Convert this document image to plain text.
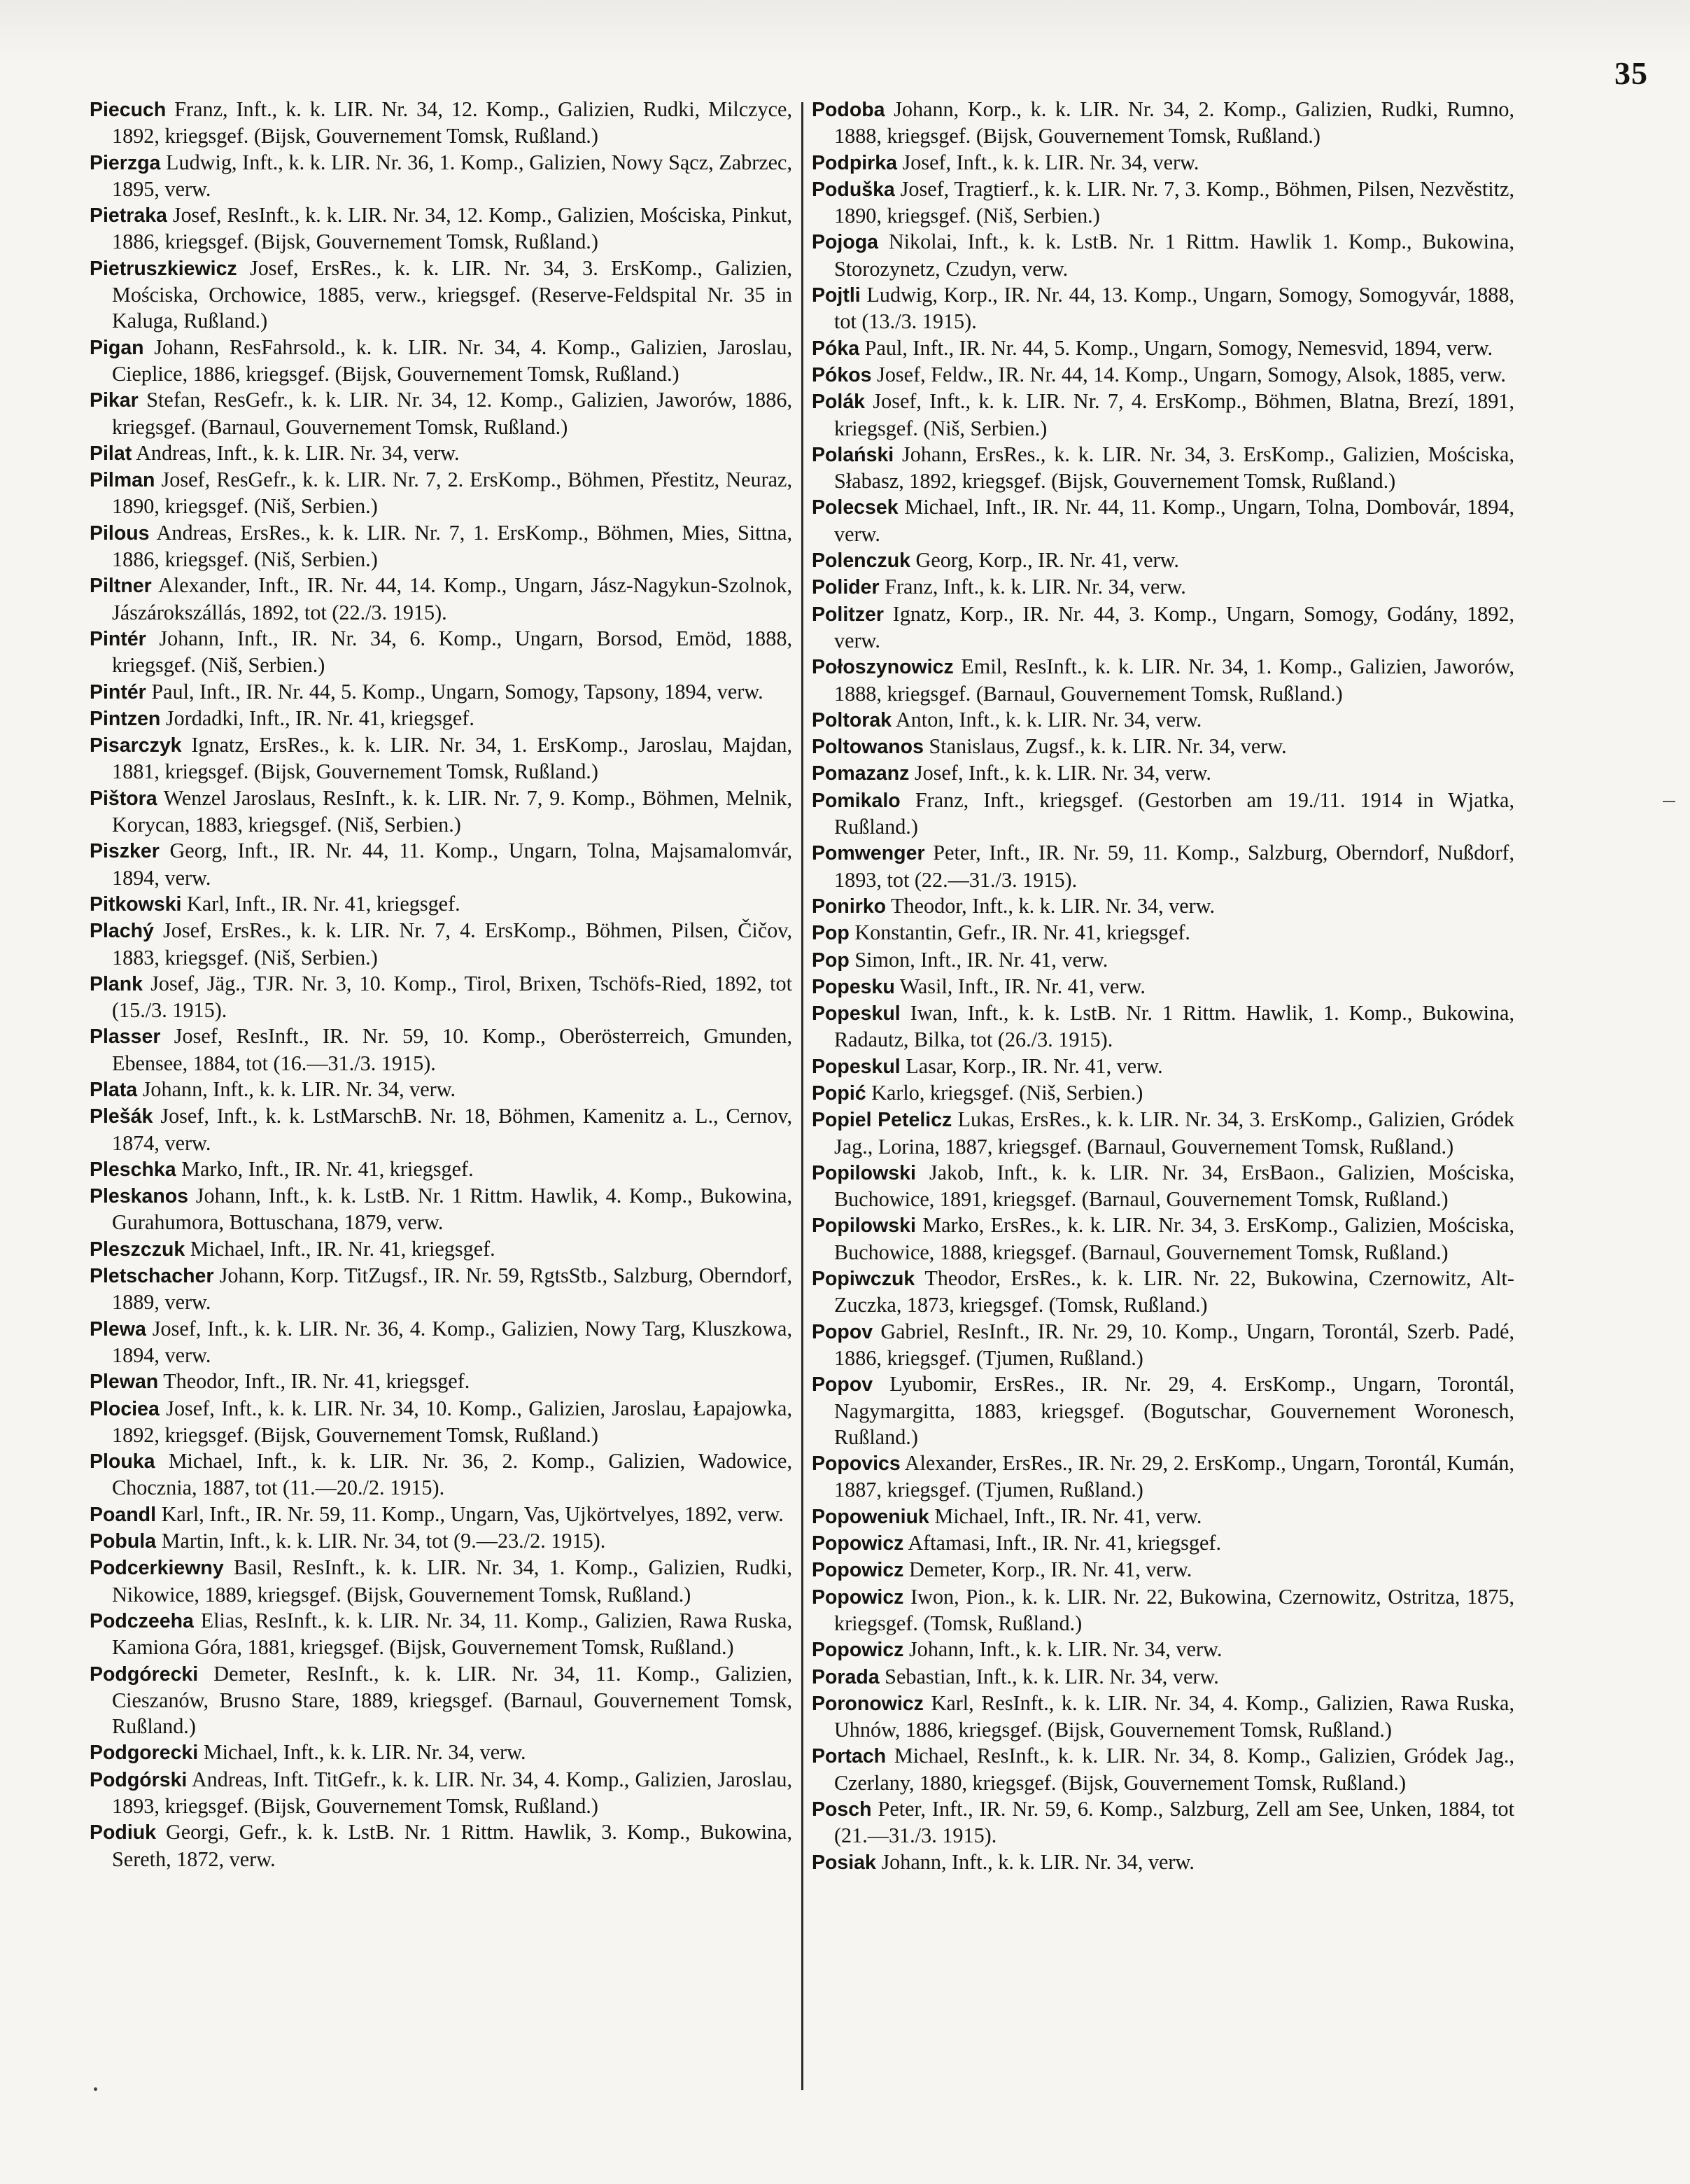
35
Piecuch Franz, Inft., k. k. LIR. Nr. 34, 12. Komp., Galizien, Rudki, Milczyce, 1892, kriegsgef. (Bijsk, Gouvernement Tomsk, Rußland.)
Pierzga Ludwig, Inft., k. k. LIR. Nr. 36, 1. Komp., Galizien, Nowy Sącz, Zabrzec, 1895, verw.
Pietraka Josef, ResInft., k. k. LIR. Nr. 34, 12. Komp., Galizien, Mościska, Pinkut, 1886, kriegsgef. (Bijsk, Gouvernement Tomsk, Rußland.)
Pietruszkiewicz Josef, ErsRes., k. k. LIR. Nr. 34, 3. ErsKomp., Galizien, Mościska, Orchowice, 1885, verw., kriegsgef. (Reserve-Feldspital Nr. 35 in Kaluga, Rußland.)
Pigan Johann, ResFahrsold., k. k. LIR. Nr. 34, 4. Komp., Galizien, Jaroslau, Cieplice, 1886, kriegsgef. (Bijsk, Gouvernement Tomsk, Rußland.)
Pikar Stefan, ResGefr., k. k. LIR. Nr. 34, 12. Komp., Galizien, Jaworów, 1886, kriegsgef. (Barnaul, Gouvernement Tomsk, Rußland.)
Pilat Andreas, Inft., k. k. LIR. Nr. 34, verw.
Pilman Josef, ResGefr., k. k. LIR. Nr. 7, 2. ErsKomp., Böhmen, Přestitz, Neuraz, 1890, kriegsgef. (Niš, Serbien.)
Pilous Andreas, ErsRes., k. k. LIR. Nr. 7, 1. ErsKomp., Böhmen, Mies, Sittna, 1886, kriegsgef. (Niš, Serbien.)
Piltner Alexander, Inft., IR. Nr. 44, 14. Komp., Ungarn, Jász-Nagykun-Szolnok, Jászárokszállás, 1892, tot (22./3. 1915).
Pintér Johann, Inft., IR. Nr. 34, 6. Komp., Ungarn, Borsod, Emöd, 1888, kriegsgef. (Niš, Serbien.)
Pintér Paul, Inft., IR. Nr. 44, 5. Komp., Ungarn, Somogy, Tapsony, 1894, verw.
Pintzen Jordadki, Inft., IR. Nr. 41, kriegsgef.
Pisarczyk Ignatz, ErsRes., k. k. LIR. Nr. 34, 1. ErsKomp., Jaroslau, Majdan, 1881, kriegsgef. (Bijsk, Gouvernement Tomsk, Rußland.)
Pištora Wenzel Jaroslaus, ResInft., k. k. LIR. Nr. 7, 9. Komp., Böhmen, Melnik, Korycan, 1883, kriegsgef. (Niš, Serbien.)
Piszker Georg, Inft., IR. Nr. 44, 11. Komp., Ungarn, Tolna, Majsamalomvár, 1894, verw.
Pitkowski Karl, Inft., IR. Nr. 41, kriegsgef.
Plachý Josef, ErsRes., k. k. LIR. Nr. 7, 4. ErsKomp., Böhmen, Pilsen, Čičov, 1883, kriegsgef. (Niš, Serbien.)
Plank Josef, Jäg., TJR. Nr. 3, 10. Komp., Tirol, Brixen, Tschöfs-Ried, 1892, tot (15./3. 1915).
Plasser Josef, ResInft., IR. Nr. 59, 10. Komp., Oberösterreich, Gmunden, Ebensee, 1884, tot (16.—31./3. 1915).
Plata Johann, Inft., k. k. LIR. Nr. 34, verw.
Plešák Josef, Inft., k. k. LstMarschB. Nr. 18, Böhmen, Kamenitz a. L., Cernov, 1874, verw.
Pleschka Marko, Inft., IR. Nr. 41, kriegsgef.
Pleskanos Johann, Inft., k. k. LstB. Nr. 1 Rittm. Hawlik, 4. Komp., Bukowina, Gurahumora, Bottuschana, 1879, verw.
Pleszczuk Michael, Inft., IR. Nr. 41, kriegsgef.
Pletschacher Johann, Korp. TitZugsf., IR. Nr. 59, RgtsStb., Salzburg, Oberndorf, 1889, verw.
Plewa Josef, Inft., k. k. LIR. Nr. 36, 4. Komp., Galizien, Nowy Targ, Kluszkowa, 1894, verw.
Plewan Theodor, Inft., IR. Nr. 41, kriegsgef.
Plociea Josef, Inft., k. k. LIR. Nr. 34, 10. Komp., Galizien, Jaroslau, Łapajowka, 1892, kriegsgef. (Bijsk, Gouvernement Tomsk, Rußland.)
Plouka Michael, Inft., k. k. LIR. Nr. 36, 2. Komp., Galizien, Wadowice, Chocznia, 1887, tot (11.—20./2. 1915).
Poandl Karl, Inft., IR. Nr. 59, 11. Komp., Ungarn, Vas, Ujkörtvelyes, 1892, verw.
Pobula Martin, Inft., k. k. LIR. Nr. 34, tot (9.—23./2. 1915).
Podcerkiewny Basil, ResInft., k. k. LIR. Nr. 34, 1. Komp., Galizien, Rudki, Nikowice, 1889, kriegsgef. (Bijsk, Gouvernement Tomsk, Rußland.)
Podczeeha Elias, ResInft., k. k. LIR. Nr. 34, 11. Komp., Galizien, Rawa Ruska, Kamiona Góra, 1881, kriegsgef. (Bijsk, Gouvernement Tomsk, Rußland.)
Podgórecki Demeter, ResInft., k. k. LIR. Nr. 34, 11. Komp., Galizien, Cieszanów, Brusno Stare, 1889, kriegsgef. (Barnaul, Gouvernement Tomsk, Rußland.)
Podgorecki Michael, Inft., k. k. LIR. Nr. 34, verw.
Podgórski Andreas, Inft. TitGefr., k. k. LIR. Nr. 34, 4. Komp., Galizien, Jaroslau, 1893, kriegsgef. (Bijsk, Gouvernement Tomsk, Rußland.)
Podiuk Georgi, Gefr., k. k. LstB. Nr. 1 Rittm. Hawlik, 3. Komp., Bukowina, Sereth, 1872, verw.
Podoba Johann, Korp., k. k. LIR. Nr. 34, 2. Komp., Galizien, Rudki, Rumno, 1888, kriegsgef. (Bijsk, Gouvernement Tomsk, Rußland.)
Podpirka Josef, Inft., k. k. LIR. Nr. 34, verw.
Poduška Josef, Tragtierf., k. k. LIR. Nr. 7, 3. Komp., Böhmen, Pilsen, Nezvěstitz, 1890, kriegsgef. (Niš, Serbien.)
Pojoga Nikolai, Inft., k. k. LstB. Nr. 1 Rittm. Hawlik 1. Komp., Bukowina, Storozynetz, Czudyn, verw.
Pojtli Ludwig, Korp., IR. Nr. 44, 13. Komp., Ungarn, Somogy, Somogyvár, 1888, tot (13./3. 1915).
Póka Paul, Inft., IR. Nr. 44, 5. Komp., Ungarn, Somogy, Nemesvid, 1894, verw.
Pókos Josef, Feldw., IR. Nr. 44, 14. Komp., Ungarn, Somogy, Alsok, 1885, verw.
Polák Josef, Inft., k. k. LIR. Nr. 7, 4. ErsKomp., Böhmen, Blatna, Brezí, 1891, kriegsgef. (Niš, Serbien.)
Polański Johann, ErsRes., k. k. LIR. Nr. 34, 3. ErsKomp., Galizien, Mościska, Słabasz, 1892, kriegsgef. (Bijsk, Gouvernement Tomsk, Rußland.)
Polecsek Michael, Inft., IR. Nr. 44, 11. Komp., Ungarn, Tolna, Dombovár, 1894, verw.
Polenczuk Georg, Korp., IR. Nr. 41, verw.
Polider Franz, Inft., k. k. LIR. Nr. 34, verw.
Politzer Ignatz, Korp., IR. Nr. 44, 3. Komp., Ungarn, Somogy, Godány, 1892, verw.
Połoszynowicz Emil, ResInft., k. k. LIR. Nr. 34, 1. Komp., Galizien, Jaworów, 1888, kriegsgef. (Barnaul, Gouvernement Tomsk, Rußland.)
Poltorak Anton, Inft., k. k. LIR. Nr. 34, verw.
Poltowanos Stanislaus, Zugsf., k. k. LIR. Nr. 34, verw.
Pomazanz Josef, Inft., k. k. LIR. Nr. 34, verw.
Pomikalo Franz, Inft., kriegsgef. (Gestorben am 19./11. 1914 in Wjatka, Rußland.)
Pomwenger Peter, Inft., IR. Nr. 59, 11. Komp., Salzburg, Oberndorf, Nußdorf, 1893, tot (22.—31./3. 1915).
Ponirko Theodor, Inft., k. k. LIR. Nr. 34, verw.
Pop Konstantin, Gefr., IR. Nr. 41, kriegsgef.
Pop Simon, Inft., IR. Nr. 41, verw.
Popesku Wasil, Inft., IR. Nr. 41, verw.
Popeskul Iwan, Inft., k. k. LstB. Nr. 1 Rittm. Hawlik, 1. Komp., Bukowina, Radautz, Bilka, tot (26./3. 1915).
Popeskul Lasar, Korp., IR. Nr. 41, verw.
Popić Karlo, kriegsgef. (Niš, Serbien.)
Popiel Petelicz Lukas, ErsRes., k. k. LIR. Nr. 34, 3. ErsKomp., Galizien, Gródek Jag., Lorina, 1887, kriegsgef. (Barnaul, Gouvernement Tomsk, Rußland.)
Popilowski Jakob, Inft., k. k. LIR. Nr. 34, ErsBaon., Galizien, Mościska, Buchowice, 1891, kriegsgef. (Barnaul, Gouvernement Tomsk, Rußland.)
Popilowski Marko, ErsRes., k. k. LIR. Nr. 34, 3. ErsKomp., Galizien, Mościska, Buchowice, 1888, kriegsgef. (Barnaul, Gouvernement Tomsk, Rußland.)
Popiwczuk Theodor, ErsRes., k. k. LIR. Nr. 22, Bukowina, Czernowitz, Alt-Zuczka, 1873, kriegsgef. (Tomsk, Rußland.)
Popov Gabriel, ResInft., IR. Nr. 29, 10. Komp., Ungarn, Torontál, Szerb. Padé, 1886, kriegsgef. (Tjumen, Rußland.)
Popov Lyubomir, ErsRes., IR. Nr. 29, 4. ErsKomp., Ungarn, Torontál, Nagymargitta, 1883, kriegsgef. (Bogutschar, Gouvernement Woronesch, Rußland.)
Popovics Alexander, ErsRes., IR. Nr. 29, 2. ErsKomp., Ungarn, Torontál, Kumán, 1887, kriegsgef. (Tjumen, Rußland.)
Popoweniuk Michael, Inft., IR. Nr. 41, verw.
Popowicz Aftamasi, Inft., IR. Nr. 41, kriegsgef.
Popowicz Demeter, Korp., IR. Nr. 41, verw.
Popowicz Iwon, Pion., k. k. LIR. Nr. 22, Bukowina, Czernowitz, Ostritza, 1875, kriegsgef. (Tomsk, Rußland.)
Popowicz Johann, Inft., k. k. LIR. Nr. 34, verw.
Porada Sebastian, Inft., k. k. LIR. Nr. 34, verw.
Poronowicz Karl, ResInft., k. k. LIR. Nr. 34, 4. Komp., Galizien, Rawa Ruska, Uhnów, 1886, kriegsgef. (Bijsk, Gouvernement Tomsk, Rußland.)
Portach Michael, ResInft., k. k. LIR. Nr. 34, 8. Komp., Galizien, Gródek Jag., Czerlany, 1880, kriegsgef. (Bijsk, Gouvernement Tomsk, Rußland.)
Posch Peter, Inft., IR. Nr. 59, 6. Komp., Salzburg, Zell am See, Unken, 1884, tot (21.—31./3. 1915).
Posiak Johann, Inft., k. k. LIR. Nr. 34, verw.
